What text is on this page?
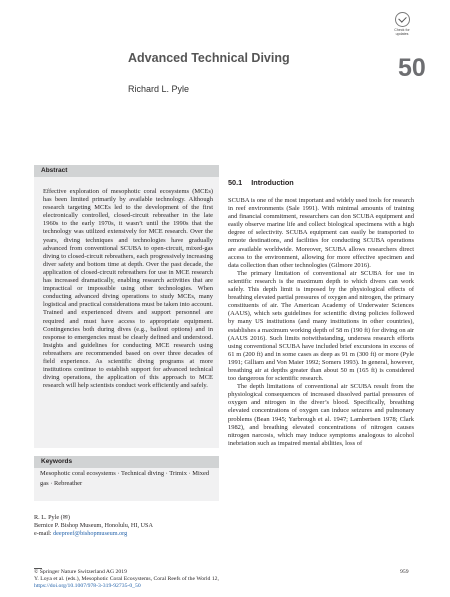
Check for
updates
Advanced Technical Diving	50
Richard L. Pyle
Abstract
Effective exploration of mesophotic coral ecosystems (MCEs) has been limited primarily by available technology. Although research targeting MCEs led to the development of the first electronically controlled, closed-circuit rebreather in the late 1960s to the early 1970s, it wasn’t until the 1990s that the technology was utilized extensively for MCE research. Over the years, diving techniques and technologies have gradually advanced from conventional SCUBA to open-circuit, mixed-gas diving to closed-circuit rebreathers, each progressively increasing diver safety and bottom time at depth. Over the past decade, the application of closed-circuit rebreathers for use in MCE research has increased dramatically, enabling research activities that are impractical or impossible using other technologies. When conducting advanced diving operations to study MCEs, many logistical and practical considerations must be taken into account. Trained and experienced divers and support personnel are required and must have access to appropriate equipment. Contingencies both during dives (e.g., bailout options) and in response to emergencies must be clearly defined and understood. Insights and guidelines for conducting MCE research using rebreathers are recommended based on over three decades of field experience. As scientific diving programs at more institutions continue to establish support for advanced technical diving operations, the application of this approach to MCE research will help scientists conduct work efficiently and safely.
Keywords
Mesophotic coral ecosystems · Technical diving · Trimix · Mixed gas · Rebreather
R. L. Pyle (✉)
Bernice P. Bishop Museum, Honolulu, HI, USA
e-mail: deepreef@bishopmuseum.org
50.1 Introduction

SCUBA is one of the most important and widely used tools for research in reef environments (Sale 1991). With minimal amounts of training and financial commitment, researchers can don SCUBA equipment and easily observe marine life and collect biological specimens with a high degree of selectivity. SCUBA equipment can easily be transported to remote destinations, and facilities for conducting SCUBA operations are available worldwide. Moreover, SCUBA allows researchers direct access to the environment, allowing for more effective specimen and data collection than other technologies (Gilmore 2016).

The primary limitation of conventional air SCUBA for use in scientific research is the maximum depth to which divers can work safely. This depth limit is imposed by the physiological effects of breathing elevated partial pressures of oxygen and nitrogen, the primary constituents of air. The American Academy of Underwater Sciences (AAUS), which sets guidelines for scientific diving policies followed by many US institutions (and many institutions in other countries), establishes a maximum working depth of 58 m (190 ft) for diving on air (AAUS 2016). Such limits notwithstanding, undersea research efforts using conventional SCUBA have included brief excursions in excess of 61 m (200 ft) and in some cases as deep as 91 m (300 ft) or more (Pyle 1991; Gilliam and Von Maier 1992; Somers 1993). In general, however, breathing air at depths greater than about 50 m (165 ft) is considered too dangerous for scientific research.

The depth limitations of conventional air SCUBA result from the physiological consequences of increased dissolved partial pressures of oxygen and nitrogen in the diver’s blood. Specifically, breathing elevated concentrations of oxygen can induce seizures and pulmonary problems (Bean 1945; Yarbrough et al. 1947; Lambertsen 1978; Clark 1982), and breathing elevated concentrations of nitrogen causes nitrogen narcosis, which may induce symptoms analogous to alcohol inebriation such as impaired mental abilities, loss of

© Springer Nature Switzerland AG 2019
Y. Loya et al. (eds.), Mesophotic Coral Ecosystems, Coral Reefs of the World 12,
https://doi.org/10.1007/978-3-319-92735-0_50
959
